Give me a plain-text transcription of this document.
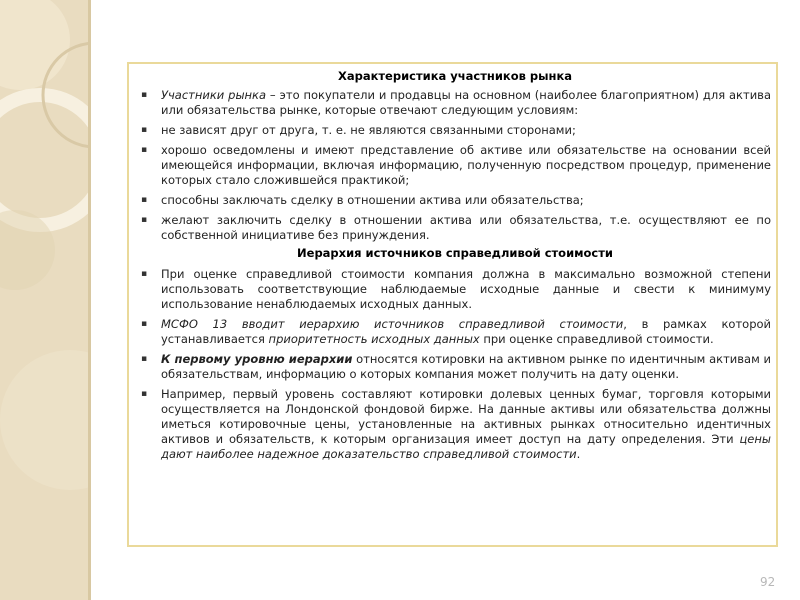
Характеристика участников рынка
▪ Участники рынка – это покупатели и продавцы на основном (наиболее благоприятном) для актива или обязательства рынке, которые отвечают следующим условиям:
▪ не зависят друг от друга, т. е. не являются связанными сторонами;
▪ хорошо осведомлены и имеют представление об активе или обязательстве на основании всей имеющейся информации, включая информацию, полученную посредством процедур, применение которых стало сложившейся практикой;
▪ способны заключать сделку в отношении актива или обязательства;
▪ желают заключить сделку в отношении актива или обязательства, т.е. осуществляют ее по собственной инициативе без принуждения.
Иерархия источников справедливой стоимости
▪ При оценке справедливой стоимости компания должна в максимально возможной степени использовать соответствующие наблюдаемые исходные данные и свести к минимуму использование ненаблюдаемых исходных данных.
▪ МСФО 13 вводит иерархию источников справедливой стоимости, в рамках которой устанавливается приоритетность исходных данных при оценке справедливой стоимости.
▪ К первому уровню иерархии относятся котировки на активном рынке по идентичным активам и обязательствам, информацию о которых компания может получить на дату оценки.
▪ Например, первый уровень составляют котировки долевых ценных бумаг, торговля которыми осуществляется на Лондонской фондовой бирже. На данные активы или обязательства должны иметься котировочные цены, установленные на активных рынках относительно идентичных активов и обязательств, к которым организация имеет доступ на дату определения. Эти цены дают наиболее надежное доказательство справедливой стоимости.
92
